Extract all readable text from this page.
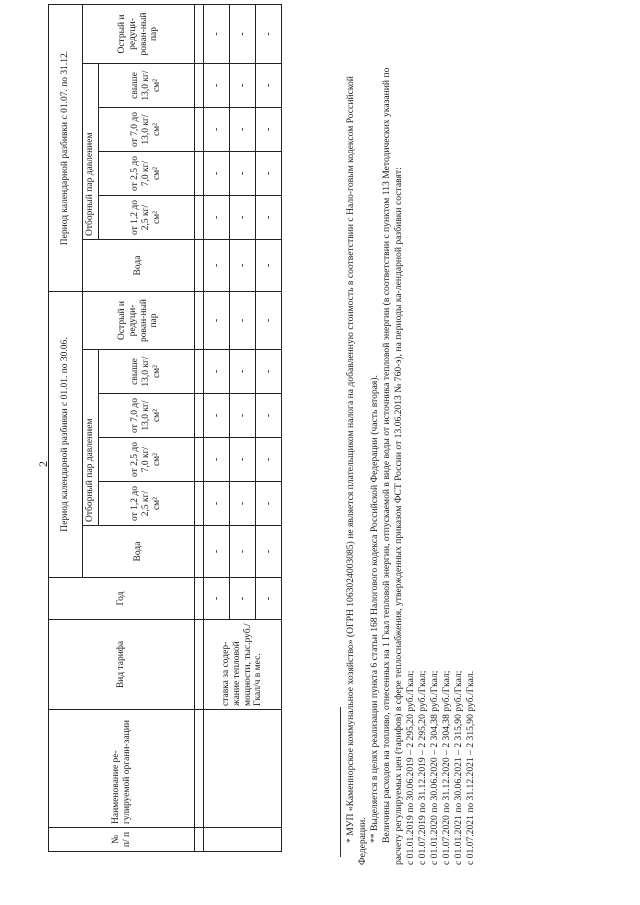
2
№ п/ п	Наименование ре-гулируемой органи-зации	Вид тарифа	Год	Период календарной разбивки с 01.01. по 30.06.						Период календарной разбивки с 01.07. по 31.12.					
				Вода	Отборный пар давлением				Острый и редуци-рован-ный пар	Вода	Отборный пар давлением				Острый и редуци-рован-ный пар
					от 1,2 до 2,5 кг/см²	от 2,5 до 7,0 кг/см²	от 7,0 до 13,0 кг/см²	свыше 13,0 кг/см²			от 1,2 до 2,5 кг/см²	от 2,5 до 7,0 кг/см²	от 7,0 до 13,0 кг/см²	свыше 13,0 кг/см²	

		ставка за содер-жание тепловой мощности, тыс.руб./Гкал/ч в мес.	-	-	-	-	-	-	-	-	-	-	-	-	-
			-	-	-	-	-	-	-	-	-	-	-	-	-
			-	-	-	-	-	-	-	-	-	-	-	-	-

* МУП «Каменнорское коммунальное хозяйство» (ОГРН 1063024003085) не является плательщиком налога на добавленную стоимость в соответствии с Нало-говым кодексом Российской Федерации. ** Выделяется в целях реализации пункта 6 статьи 168 Налогового кодекса Российской Федерации (часть вторая). Величины расходов на топливо, отнесенных на 1 Гкал тепловой энергии, отпускаемой в виде воды от источника тепловой энергии (в соответствии с пунктом 113 Методических указаний по расчету регулируемых цен (тарифов) в сфере теплоснабжения, утвержденных приказом ФСТ России от 13.06.2013 № 760-э), на периоды ка-лендарной разбивки составят: с 01.01.2019 по 30.06.2019 – 2 295,20 руб./Гкал; с 01.07.2019 по 31.12.2019 – 2 295,20 руб./Гкал; с 01.01.2020 по 30.06.2020 – 2 304,38 руб./Гкал; с 01.07.2020 по 31.12.2020 – 2 304,38 руб./Гкал; с 01.01.2021 по 30.06.2021 – 2 315,90 руб./Гкал; с 01.07.2021 по 31.12.2021 – 2 315,90 руб./Гкал.
